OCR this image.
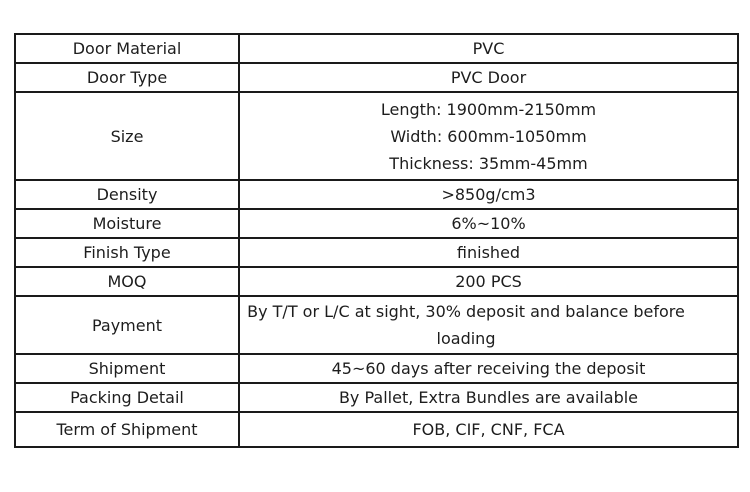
Door Material	PVC
Door Type	PVC Door
Size	Length: 1900mm-2150mm
Width: 600mm-1050mm
Thickness: 35mm-45mm

Density	>850g/cm3
Moisture	6%~10%
Finish Type	finished
MOQ	200 PCS
Payment	By T/T or L/C at sight, 30% deposit and balance before loading

Shipment	45~60 days after receiving the deposit
Packing Detail	By Pallet, Extra Bundles are available
Term of Shipment	FOB, CIF, CNF, FCA
